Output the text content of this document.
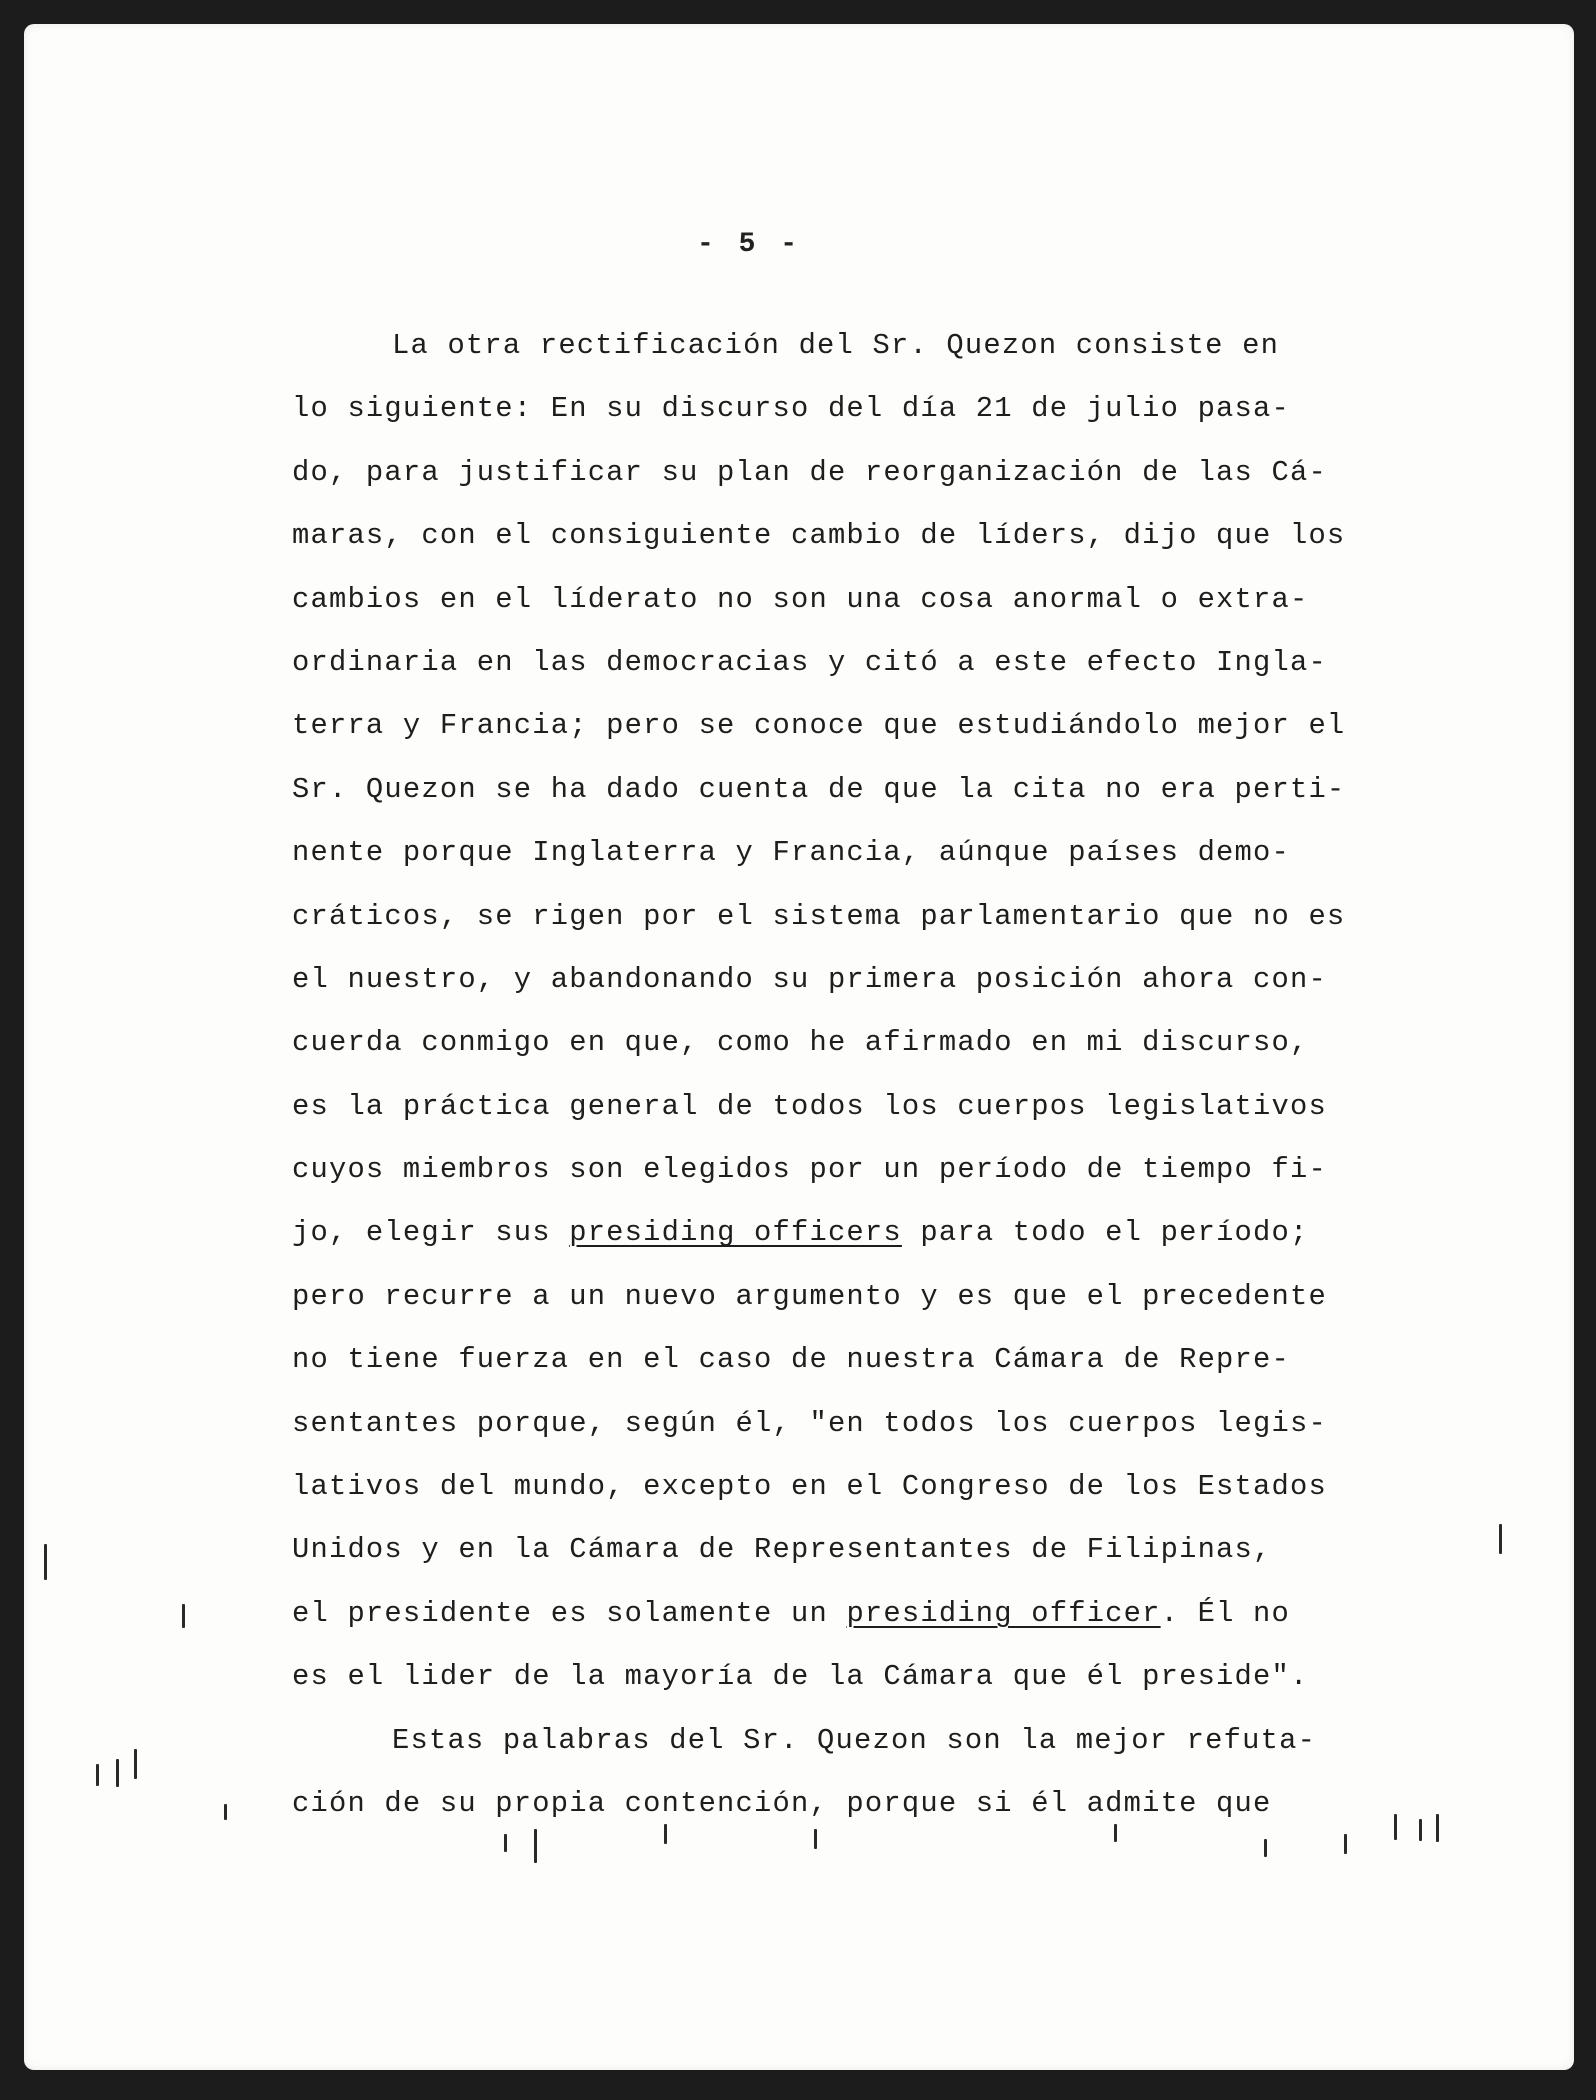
- 5 -
La otra rectificación del Sr. Quezon consiste en
lo siguiente: En su discurso del día 21 de julio pasa-
do, para justificar su plan de reorganización de las Cá-
maras, con el consiguiente cambio de líders, dijo que los
cambios en el líderato no son una cosa anormal o extra-
ordinaria en las democracias y citó a este efecto Ingla-
terra y Francia; pero se conoce que estudiándolo mejor el
Sr. Quezon se ha dado cuenta de que la cita no era perti-
nente porque Inglaterra y Francia, aúnque países demo-
cráticos, se rigen por el sistema parlamentario que no es
el nuestro, y abandonando su primera posición ahora con-
cuerda conmigo en que, como he afirmado en mi discurso,
es la práctica general de todos los cuerpos legislativos
cuyos miembros son elegidos por un período de tiempo fi-
jo, elegir sus presiding officers para todo el período;
pero recurre a un nuevo argumento y es que el precedente
no tiene fuerza en el caso de nuestra Cámara de Repre-
sentantes porque, según él, "en todos los cuerpos legis-
lativos del mundo, excepto en el Congreso de los Estados
Unidos y en la Cámara de Representantes de Filipinas,
el presidente es solamente un presiding officer. Él no
es el lider de la mayoría de la Cámara que él preside".
Estas palabras del Sr. Quezon son la mejor refuta-
ción de su propia contención, porque si él admite que
